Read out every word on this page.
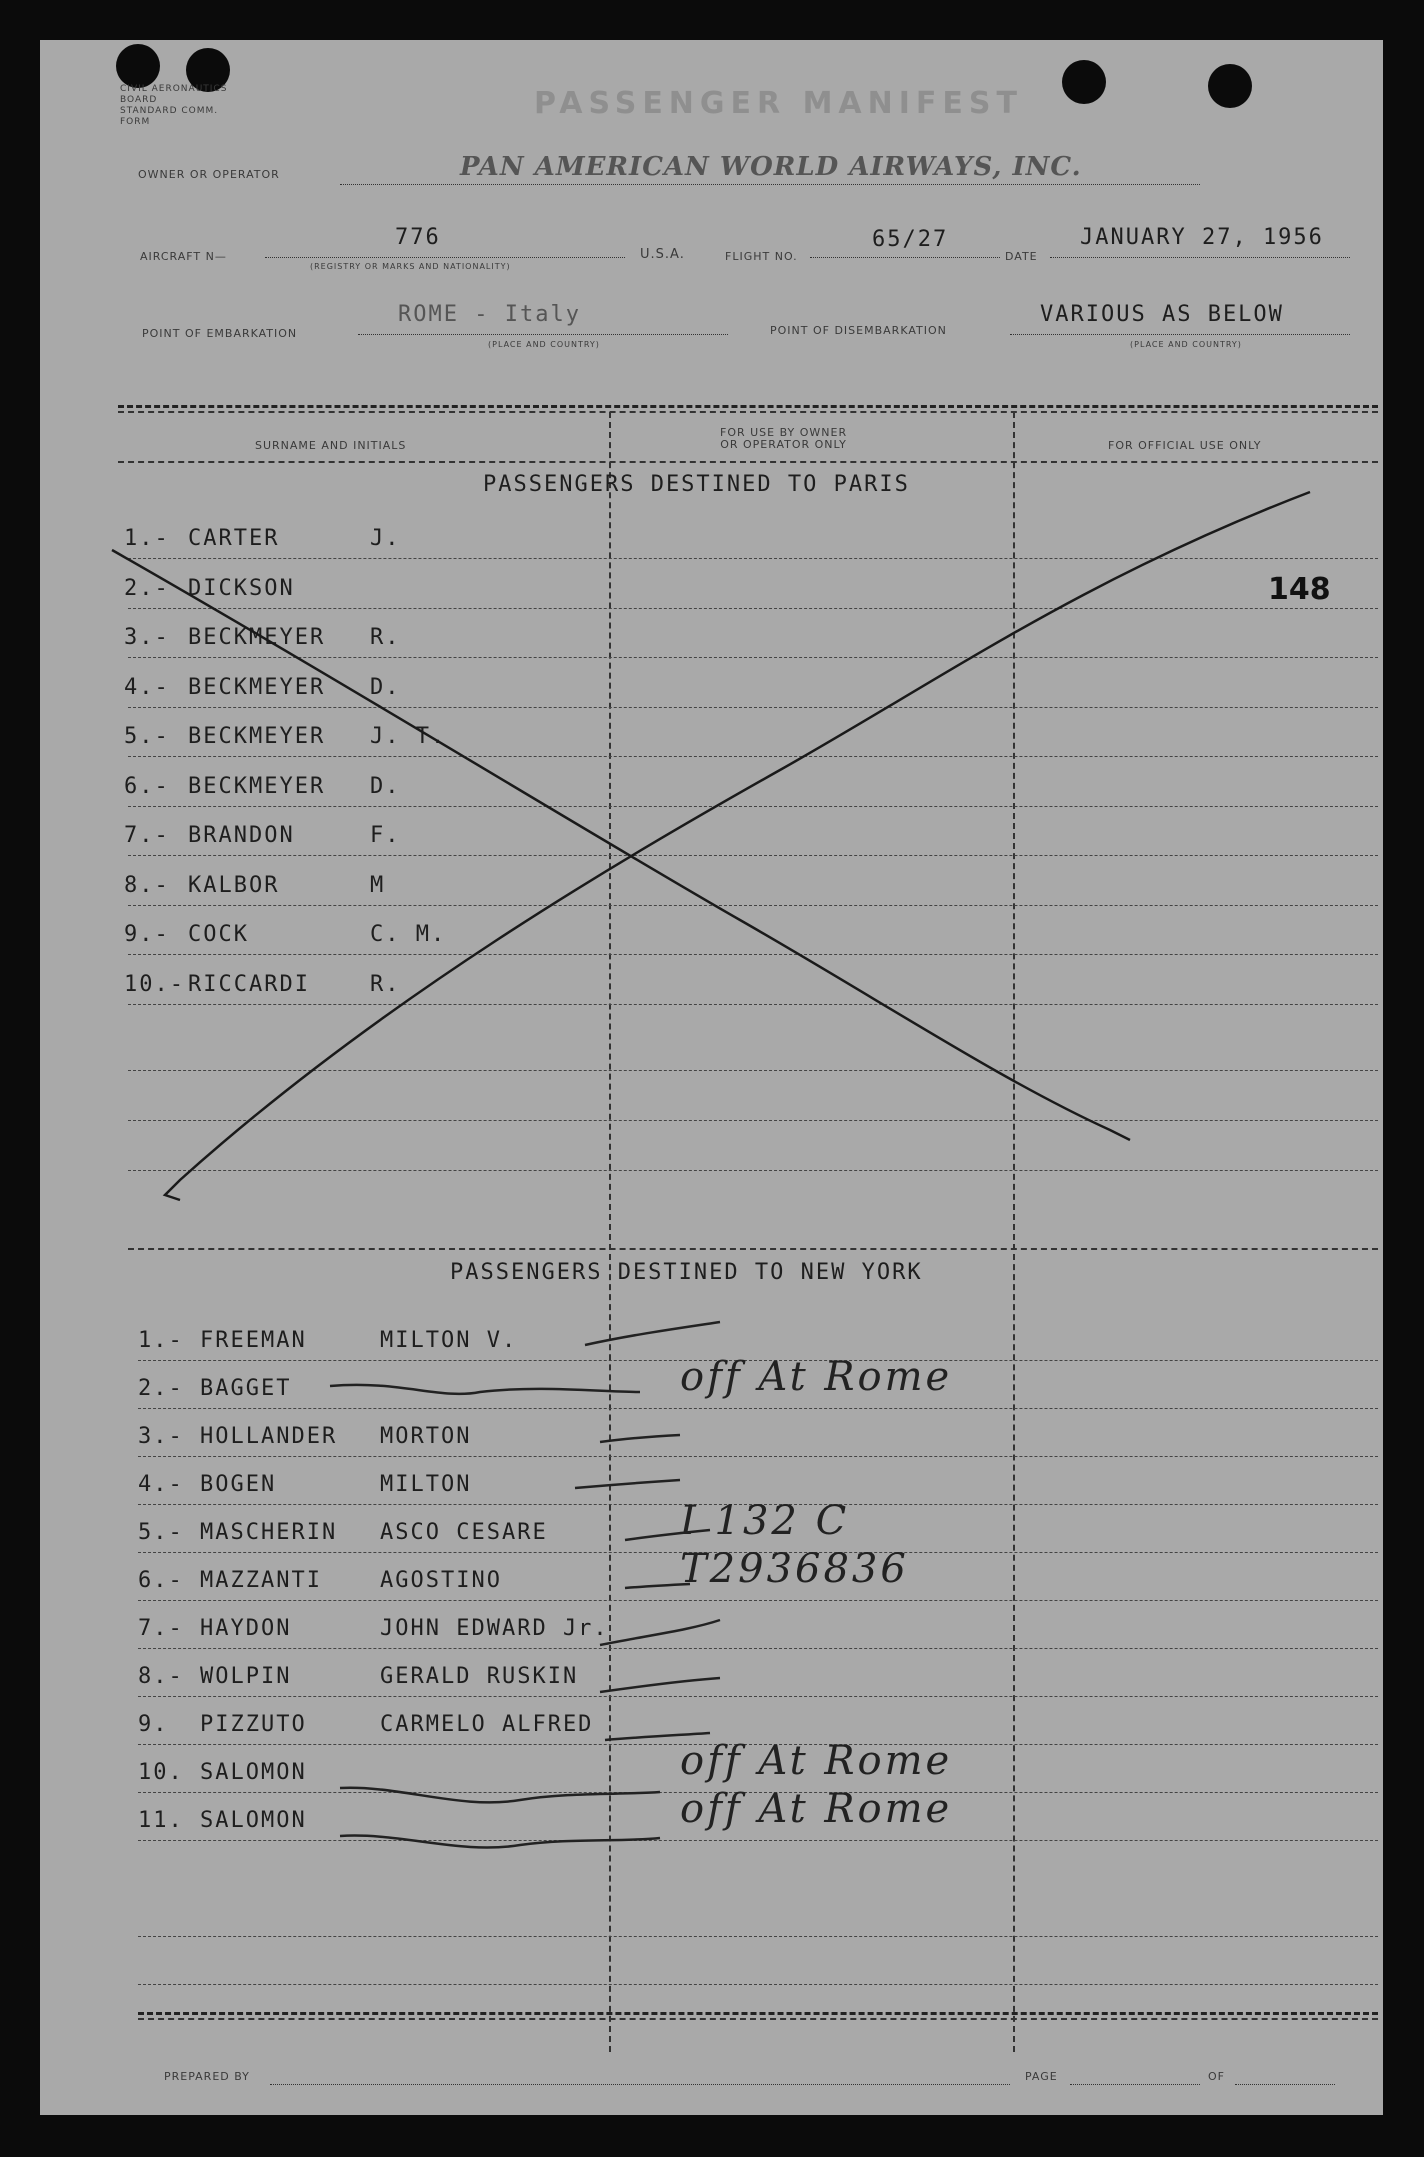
CIVIL AERONAUTICS
BOARD
STANDARD COMM.
FORM
PASSENGER MANIFEST
OWNER OR OPERATOR	PAN AMERICAN WORLD AIRWAYS, INC.
AIRCRAFT N—
776
(REGISTRY OR MARKS AND NATIONALITY)
U.S.A.	FLIGHT NO.
65/27
DATE
JANUARY 27, 1956
POINT OF EMBARKATION
ROME - Italy
(PLACE AND COUNTRY)
POINT OF DISEMBARKATION
VARIOUS AS BELOW
(PLACE AND COUNTRY)
SURNAME AND INITIALS
FOR USE BY OWNER
OR OPERATOR ONLY	FOR OFFICIAL USE ONLY
PASSENGERS DESTINED TO PARIS
1.- CARTER	J.
2.- DICKSON
3.- BECKMEYER R.
4.- BECKMEYER D.
5.- BECKMEYER J. T.
6.- BECKMEYER D.
7.- BRANDON	F.
8.- KALBOR	M
9.- COCK	C. M.
10.- RICCARDI	R.
1.- FREEMAN	MILTON V.
2.- BAGGET	off At Rome
3.- HOLLANDER MORTON
4.- BOGEN	MILTON
5.- MASCHERIN ASCO CESARE	I 132 C
6.- MAZZANTI	AGOSTINO	T2936836
7.- HAYDON	JOHN EDWARD Jr.
8.- WOLPIN	GERALD RUSKIN
9. PIZZUTO	CARMELO ALFRED
10. SALOMON	off At Rome
11. SALOMON	off At Rome
148
PASSENGERS DESTINED TO NEW YORK
PREPARED BY	PAGE	OF
